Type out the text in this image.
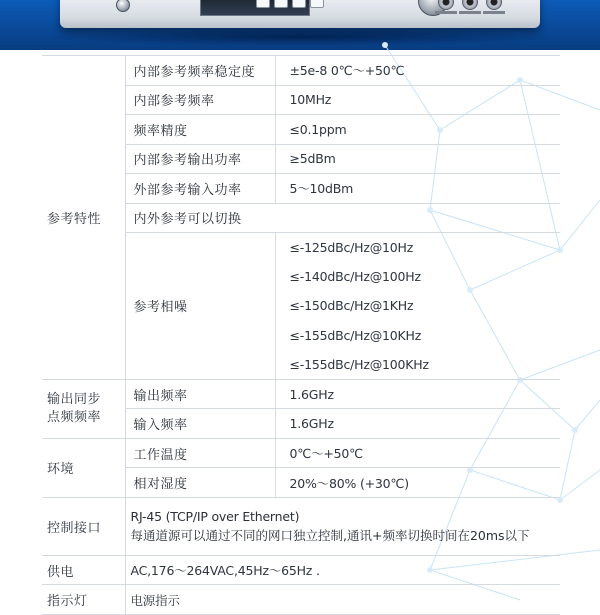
参考特性	内部参考频率稳定度	±5e-8 0℃～+50℃
	内部参考频率	10MHz
	频率精度	≤0.1ppm
	内部参考输出功率	≥5dBm
	外部参考输入功率	5～10dBm
	内外参考可以切换	
	参考相噪	≤-125dBc/Hz@10Hz
≤-140dBc/Hz@100Hz
≤-150dBc/Hz@1KHz
≤-155dBc/Hz@10KHz
≤-155dBc/Hz@100KHz

输出同步
点频频率	输出频率	1.6GHz
	输入频率	1.6GHz
环境	工作温度	0℃～+50℃
	相对湿度	20%～80% (+30℃)
控制接口	RJ-45 (TCP/IP over Ethernet)
每通道源可以通过不同的网口独立控制,通讯+频率切换时间在20ms以下	

供电	AC,176～264VAC,45Hz～65Hz .	
指示灯	电源指示	
